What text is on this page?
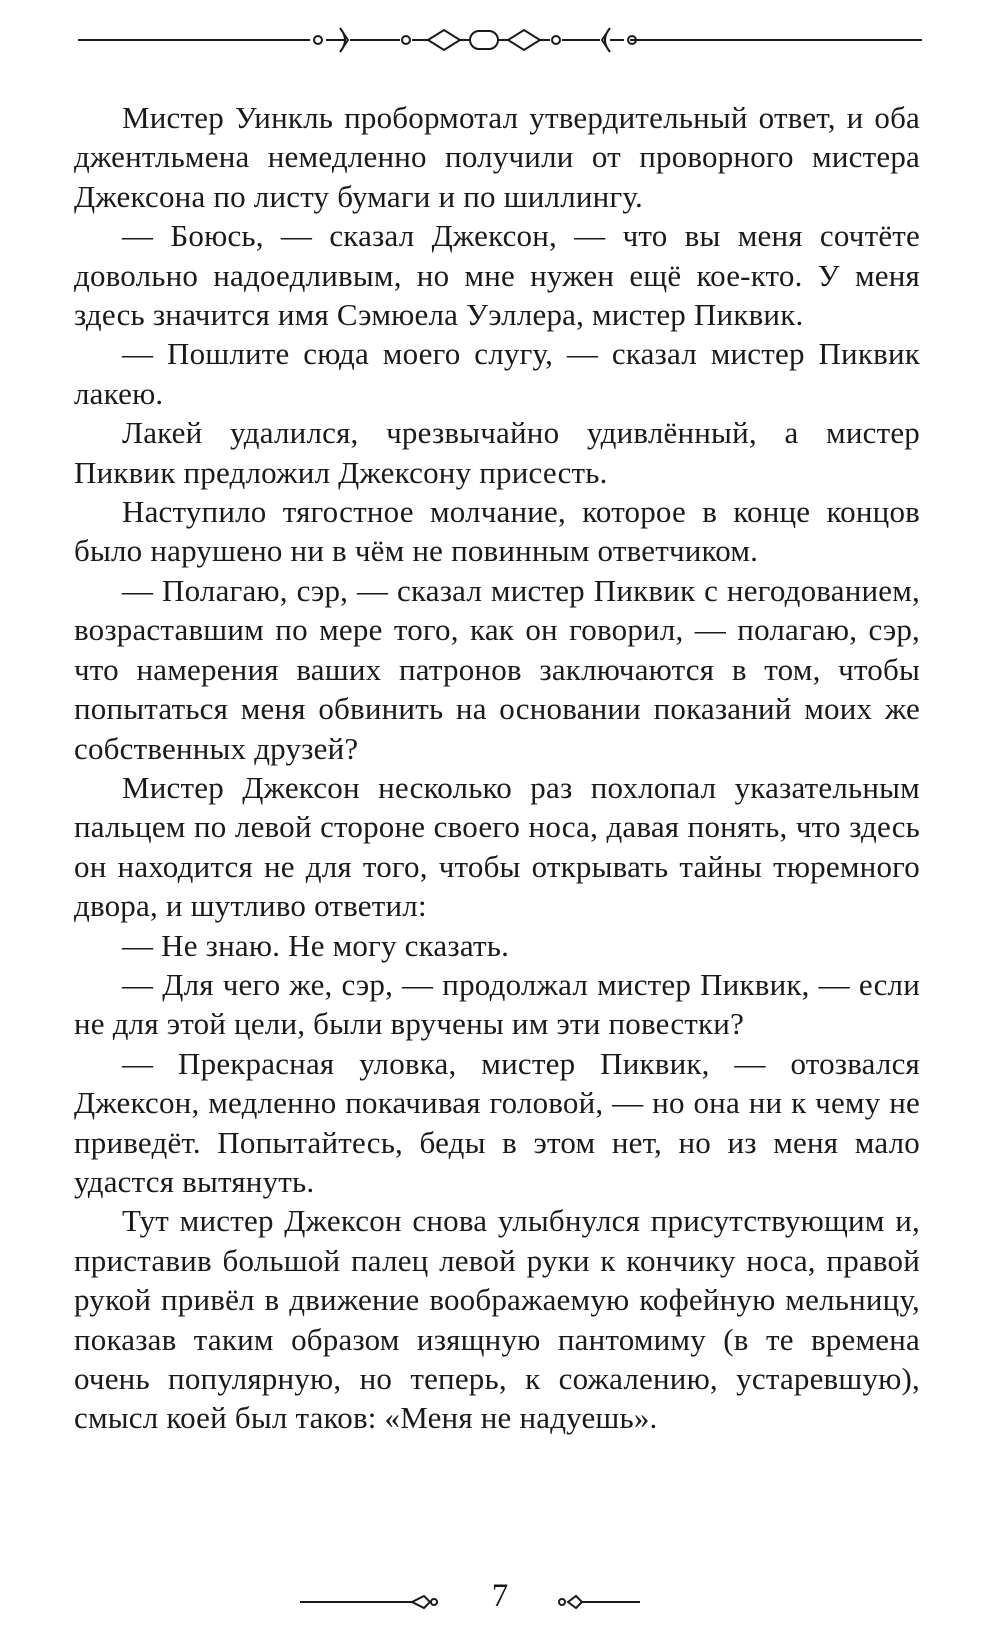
Мистер Уинкль пробормотал утвердительный ответ, и оба джентльмена немедленно получили от проворного мистера Джексона по листу бумаги и по шиллингу.

— Боюсь, — сказал Джексон, — что вы меня сочтёте довольно надоедливым, но мне нужен ещё кое-кто. У меня здесь значится имя Сэмюела Уэллера, мистер Пиквик.

— Пошлите сюда моего слугу, — сказал мистер Пиквик лакею.

Лакей удалился, чрезвычайно удивлённый, а мистер Пиквик предложил Джексону присесть.

Наступило тягостное молчание, которое в конце концов было нарушено ни в чём не повинным ответчиком.

— Полагаю, сэр, — сказал мистер Пиквик с негодованием, возраставшим по мере того, как он говорил, — полагаю, сэр, что намерения ваших патронов заключаются в том, чтобы попытаться меня обвинить на основании показаний моих же собственных друзей?

Мистер Джексон несколько раз похлопал указательным пальцем по левой стороне своего носа, давая понять, что здесь он находится не для того, чтобы открывать тайны тюремного двора, и шутливо ответил:

— Не знаю. Не могу сказать.

— Для чего же, сэр, — продолжал мистер Пиквик, — если не для этой цели, были вручены им эти повестки?

— Прекрасная уловка, мистер Пиквик, — отозвался Джексон, медленно покачивая головой, — но она ни к чему не приведёт. Попытайтесь, беды в этом нет, но из меня мало удастся вытянуть.

Тут мистер Джексон снова улыбнулся присутствующим и, приставив большой палец левой руки к кончику носа, правой рукой привёл в движение воображаемую кофейную мельницу, показав таким образом изящную пантомиму (в те времена очень популярную, но теперь, к сожалению, устаревшую), смысл коей был таков: «Меня не надуешь».

7
